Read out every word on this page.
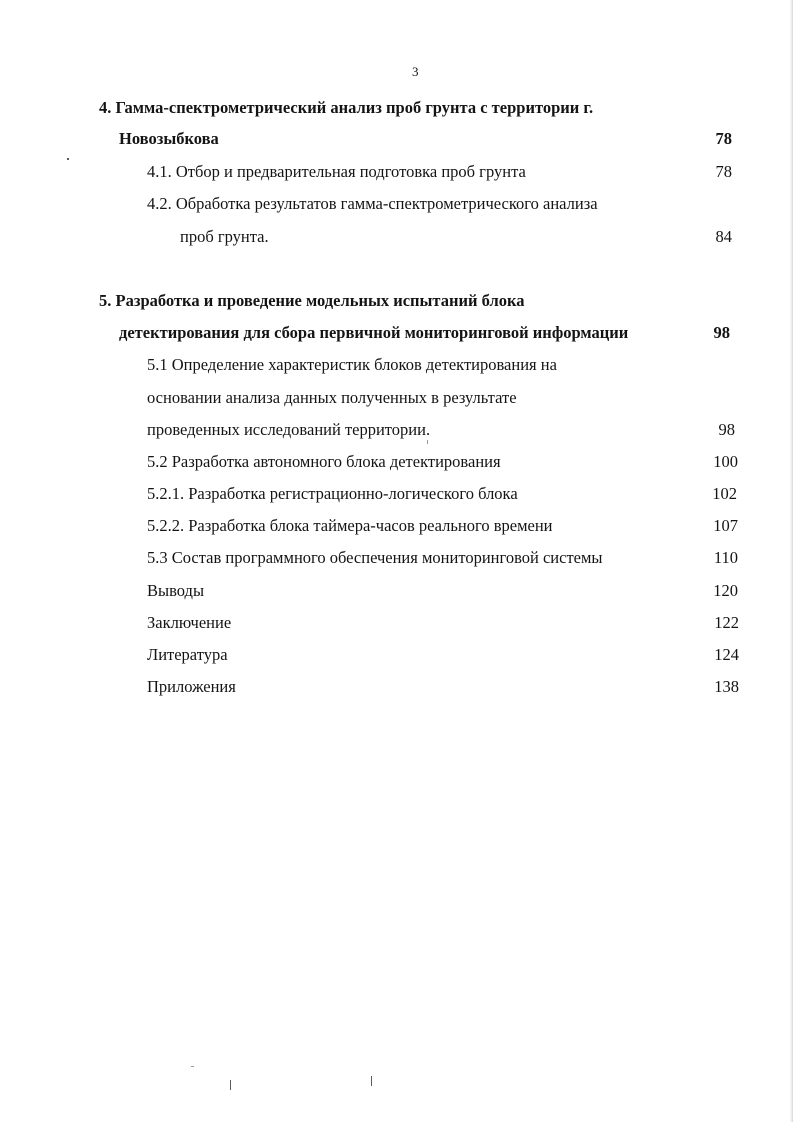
3
4. Гамма-спектрометрический анализ проб грунта с территории г.
Новозыбкова	78
4.1. Отбор и предварительная подготовка проб грунта	78
4.2. Обработка результатов гамма-спектрометрического анализа
проб грунта.	84
5. Разработка и проведение модельных испытаний блока
детектирования для сбора первичной мониторинговой информации	98
5.1 Определение характеристик блоков детектирования на
основании анализа данных полученных в результате
проведенных исследований территории.	98
5.2 Разработка автономного блока детектирования	100
5.2.1. Разработка регистрационно-логического блока	102
5.2.2. Разработка блока таймера-часов реального времени	107
5.3 Состав программного обеспечения мониторинговой системы	110
Выводы	120
Заключение	122
Литература	124
Приложения	138
